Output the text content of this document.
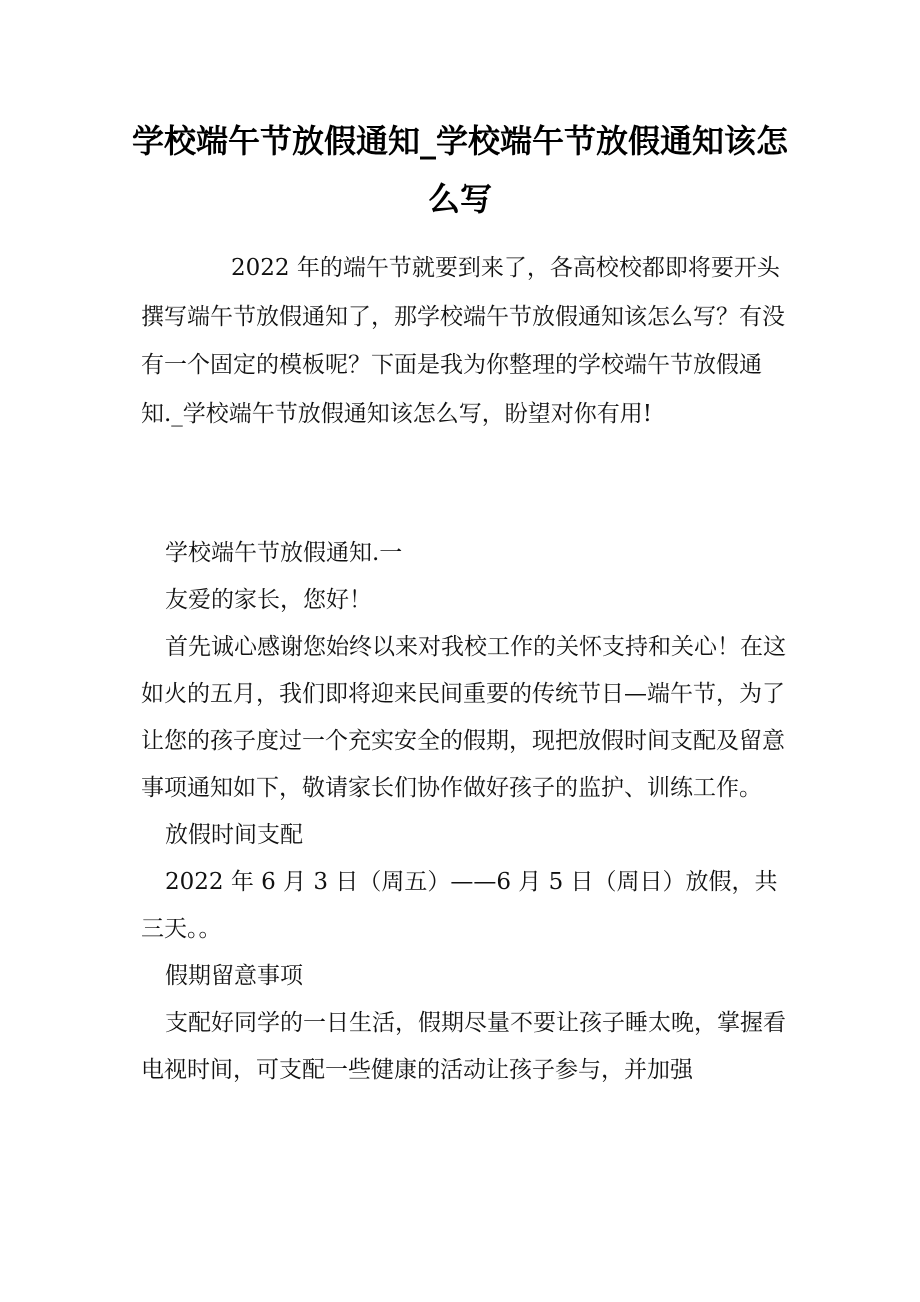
学校端午节放假通知_学校端午节放假通知该怎么写

2022 年的端午节就要到来了，各高校校都即将要开头撰写端午节放假通知了，那学校端午节放假通知该怎么写？有没有一个固定的模板呢？下面是我为你整理的学校端午节放假通知._学校端午节放假通知该怎么写，盼望对你有用!

学校端午节放假通知.一

友爱的家长，您好！

首先诚心感谢您始终以来对我校工作的关怀支持和关心！在这如火的五月，我们即将迎来民间重要的传统节日—端午节，为了让您的孩子度过一个充实安全的假期，现把放假时间支配及留意事项通知如下，敬请家长们协作做好孩子的监护、训练工作。

放假时间支配

2022 年 6 月 3 日（周五）——6 月 5 日（周日）放假，共三天。。

假期留意事项

支配好同学的一日生活，假期尽量不要让孩子睡太晚，掌握看电视时间，可支配一些健康的活动让孩子参与，并加强
